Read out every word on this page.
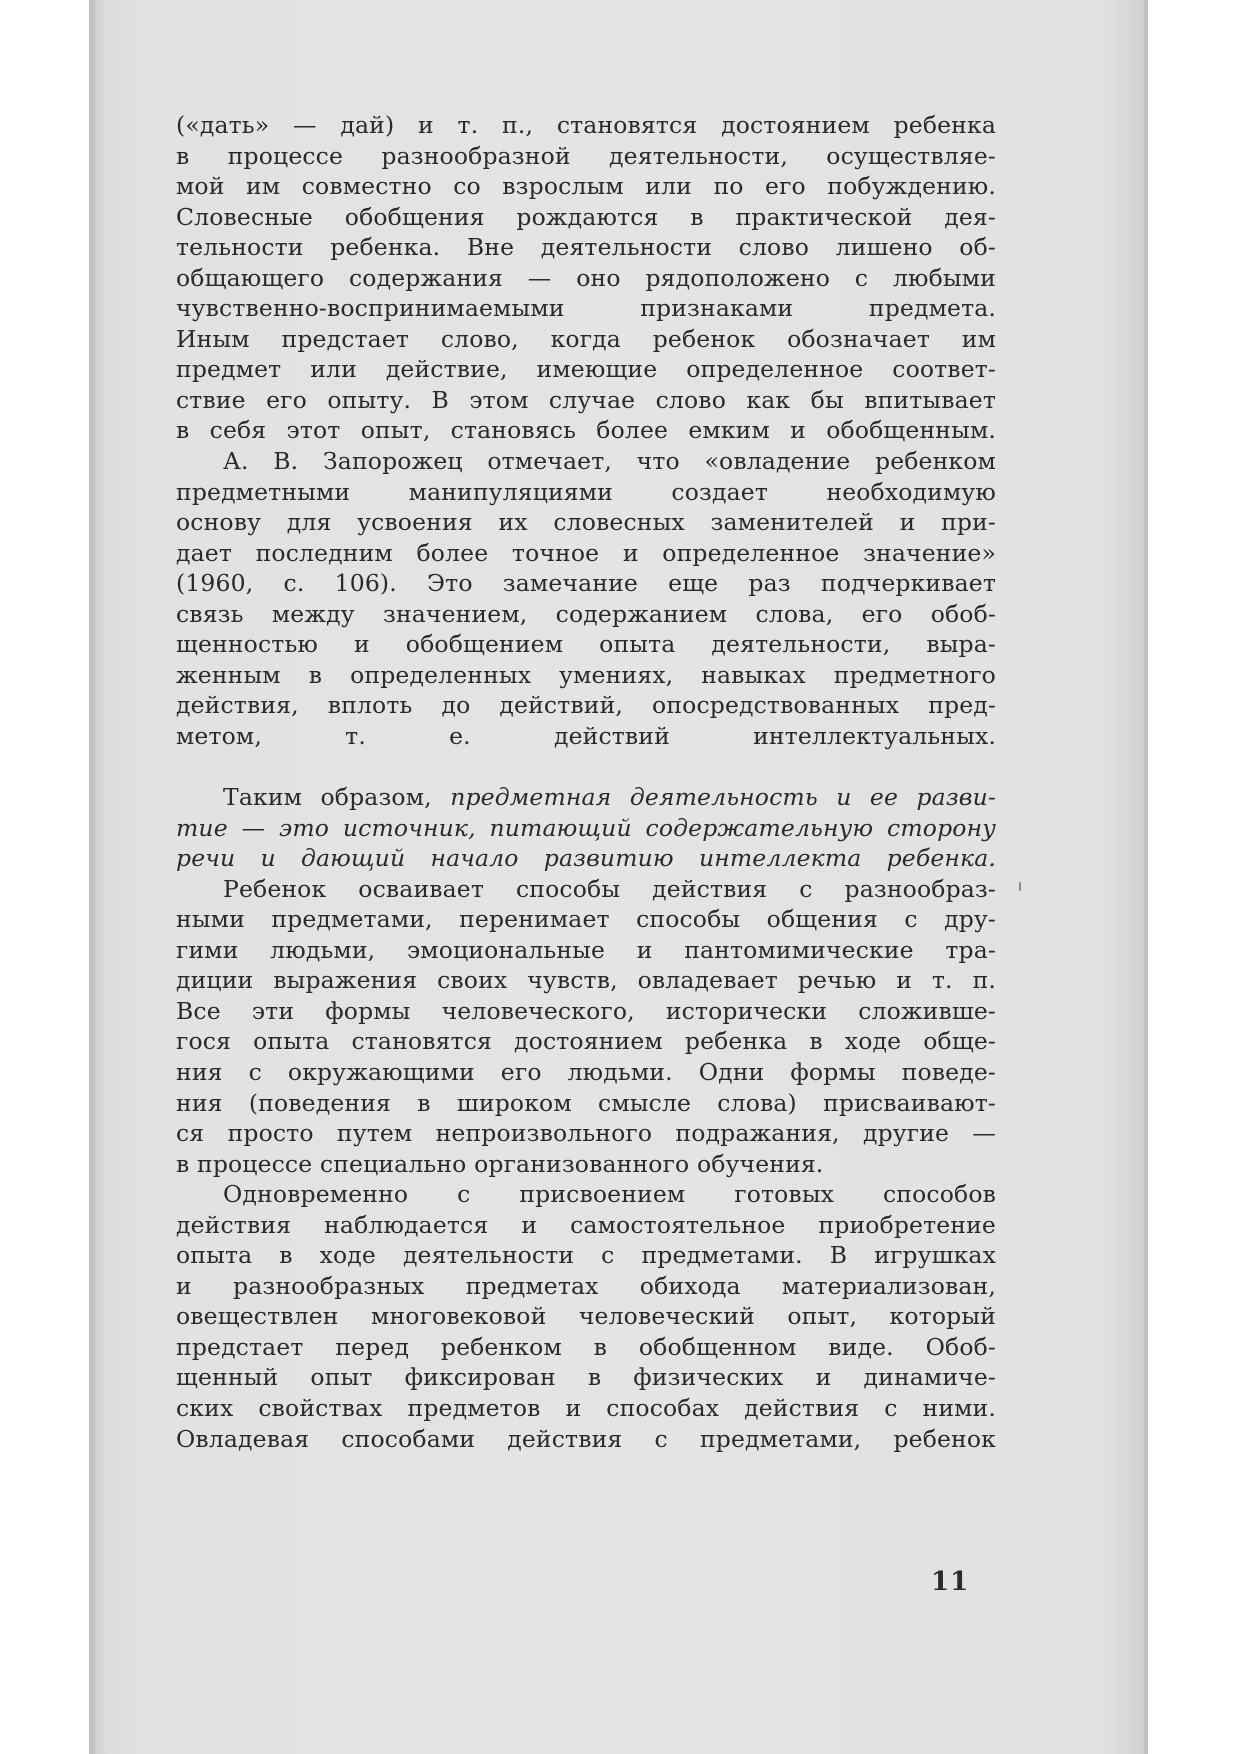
(«дать» — дай) и т. п., становятся достоянием ребенка
в процессе разнообразной деятельности, осуществляе-
мой им совместно со взрослым или по его побуждению.
Словесные обобщения рождаются в практической дея-
тельности ребенка. Вне деятельности слово лишено об-
общающего содержания — оно рядоположено с любыми
чувственно-воспринимаемыми признаками предмета.
Иным предстает слово, когда ребенок обозначает им
предмет или действие, имеющие определенное соответ-
ствие его опыту. В этом случае слово как бы впитывает
в себя этот опыт, становясь более емким и обобщенным.
А. В. Запорожец отмечает, что «овладение ребенком
предметными манипуляциями создает необходимую
основу для усвоения их словесных заменителей и при-
дает последним более точное и определенное значение»
(1960, с. 106). Это замечание еще раз подчеркивает
связь между значением, содержанием слова, его обоб-
щенностью и обобщением опыта деятельности, выра-
женным в определенных умениях, навыках предметного
действия, вплоть до действий, опосредствованных пред-
метом, т. е. действий интеллектуальных.
Таким образом, предметная деятельность и ее разви-
тие — это источник, питающий содержательную сторону
речи и дающий начало развитию интеллекта ребенка.
Ребенок осваивает способы действия с разнообраз-
ными предметами, перенимает способы общения с дру-
гими людьми, эмоциональные и пантомимические тра-
диции выражения своих чувств, овладевает речью и т. п.
Все эти формы человеческого, исторически сложивше-
гося опыта становятся достоянием ребенка в ходе обще-
ния с окружающими его людьми. Одни формы поведе-
ния (поведения в широком смысле слова) присваивают-
ся просто путем непроизвольного подражания, другие —
в процессе специально организованного обучения.
Одновременно с присвоением готовых способов
действия наблюдается и самостоятельное приобретение
опыта в ходе деятельности с предметами. В игрушках
и разнообразных предметах обихода материализован,
овеществлен многовековой человеческий опыт, который
предстает перед ребенком в обобщенном виде. Обоб-
щенный опыт фиксирован в физических и динамиче-
ских свойствах предметов и способах действия с ними.
Овладевая способами действия с предметами, ребенок
11
